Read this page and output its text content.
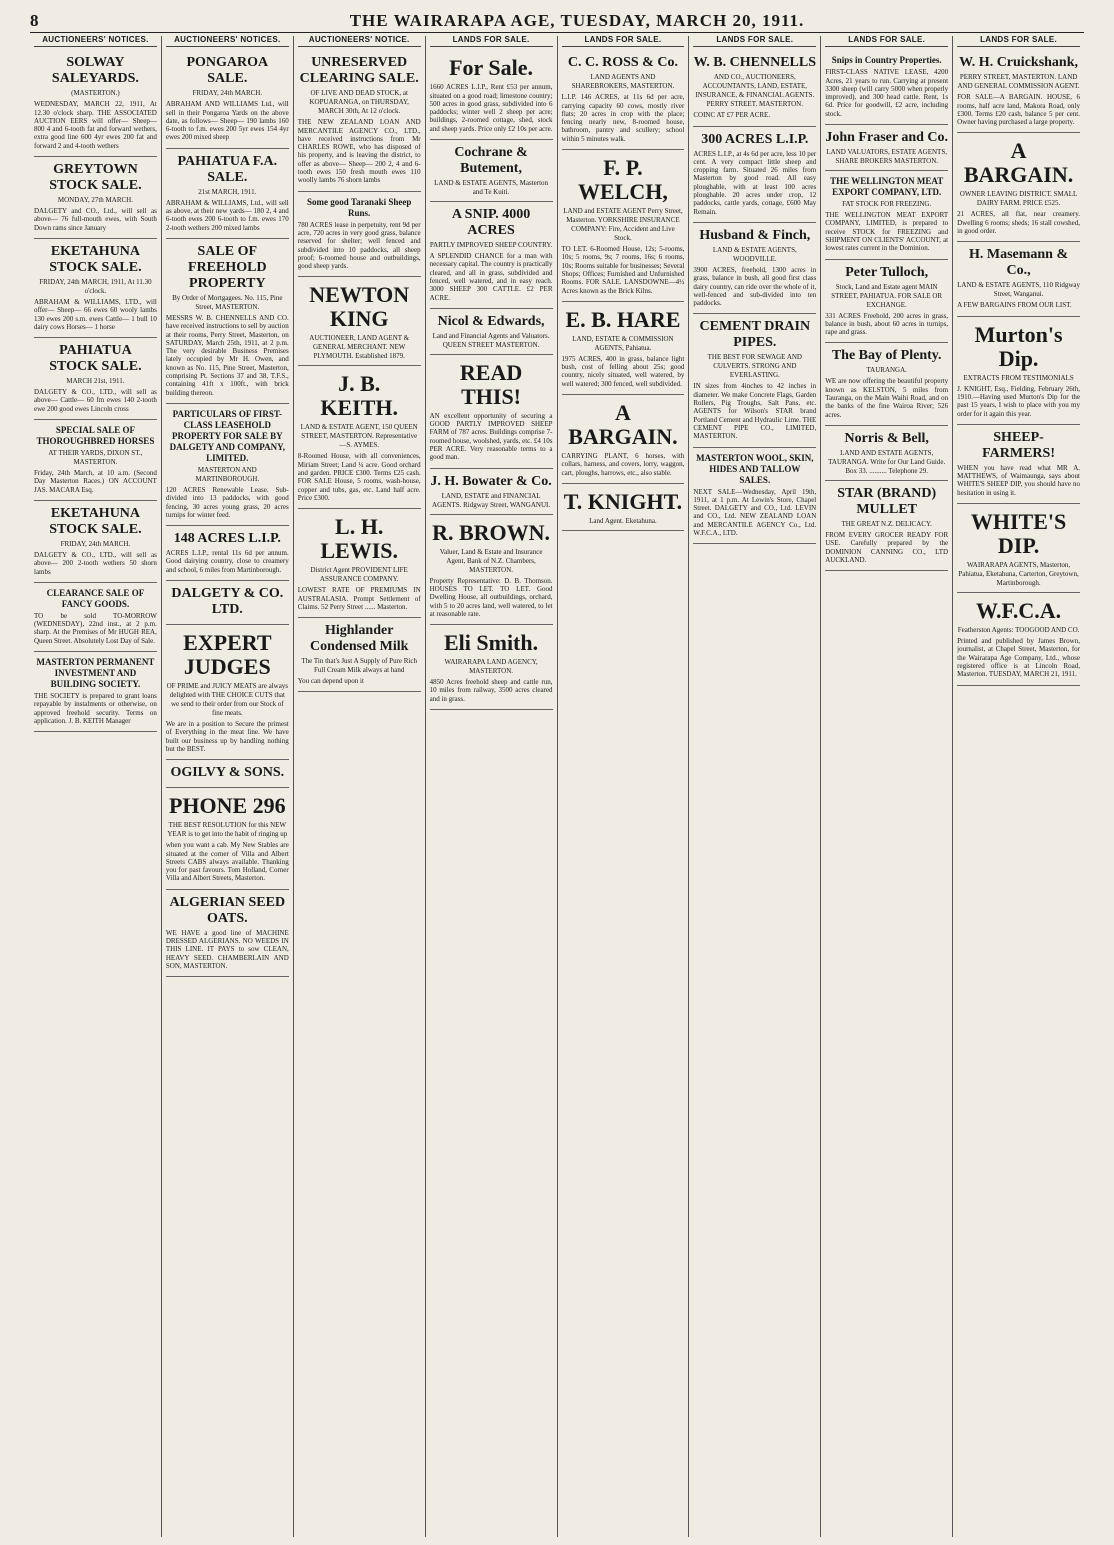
8	THE WAIRARAPA AGE, TUESDAY, MARCH 20, 1911.
AUCTIONEERS' NOTICES.
SOLWAY SALEYARDS.
(MASTERTON.)

WEDNESDAY, MARCH 22, 1911, At 12.30 o'clock sharp. THE ASSOCIATED AUCTION EERS will offer— Sheep— 800 4 and 6-tooth fat and forward wethers, extra good line 600 4yr ewes 200 fat and forward 2 and 4-tooth wethers

GREYTOWN STOCK SALE.
MONDAY, 27th MARCH.

DALGETY and CO., Ltd., will sell as above— 76 full-mouth ewes, with South Down rams since January

EKETAHUNA STOCK SALE.
FRIDAY, 24th MARCH, 1911, At 11.30 o'clock.

ABRAHAM & WILLIAMS, LTD., will offer— Sheep— 66 ewes 60 wooly lambs 130 ewes 200 s.m. ewes Cattle— 1 bull 10 dairy cows Horses— 1 horse

PAHIATUA STOCK SALE.
MARCH 21st, 1911.

DALGETY & CO., LTD., will sell as above— Cattle— 60 fm ewes 140 2-tooth ewe 200 good ewes Lincoln cross

SPECIAL SALE OF THOROUGHBRED HORSES
AT THEIR YARDS, DIXON ST., MASTERTON.

Friday, 24th March, at 10 a.m. (Second Day Masterton Races.) ON ACCOUNT JAS. MACARA Esq.

EKETAHUNA STOCK SALE.
FRIDAY, 24th MARCH.

DALGETY & CO., LTD., will sell as above— 200 2-tooth wethers 50 shorn lambs

CLEARANCE SALE OF FANCY GOODS.

TO be sold TO-MORROW (WEDNESDAY), 22nd inst., at 2 p.m. sharp. At the Premises of Mr HUGH REA, Queen Street. Absolutely Lost Day of Sale.

MASTERTON PERMANENT INVESTMENT AND BUILDING SOCIETY.

THE SOCIETY is prepared to grant loans repayable by instalments or otherwise, on approved freehold security. Terms on application. J. B. KEITH Manager

AUCTIONEERS' NOTICES.
PONGAROA SALE.
FRIDAY, 24th MARCH.

ABRAHAM AND WILLIAMS Ltd., will sell in their Pongaroa Yards on the above date, as follows— Sheep— 190 lambs 160 6-tooth to f.m. ewes 200 5yr ewes 154 4yr ewes 200 mixed sheep

PAHIATUA F.A. SALE.
21st MARCH, 1911.

ABRAHAM & WILLIAMS, Ltd., will sell as above, at their new yards— 180 2, 4 and 6-tooth ewes 200 6-tooth to f.m. ewes 170 2-tooth wethers 200 mixed lambs

SALE OF FREEHOLD PROPERTY
By Order of Mortgagees. No. 115, Pine Street, MASTERTON.

MESSRS W. B. CHENNELLS AND CO. have received instructions to sell by auction at their rooms, Perry Street, Masterton, on SATURDAY, March 25th, 1911, at 2 p.m. The very desirable Business Premises lately occupied by Mr H. Owen, and known as No. 115, Pine Street, Masterton, comprising Pt. Sections 37 and 38, T.F.S., containing 41ft x 100ft., with brick building thereon.

PARTICULARS OF FIRST-CLASS LEASEHOLD PROPERTY FOR SALE BY DALGETY AND COMPANY, LIMITED.
MASTERTON AND MARTINBOROUGH.

120 ACRES Renewable Lease. Sub-divided into 13 paddocks, with good fencing, 30 acres young grass, 20 acres turnips for winter feed.

148 ACRES L.I.P.

ACRES L.I.P., rental 11s 6d per annum. Good dairying country, close to creamery and school, 6 miles from Martinborough.

DALGETY & CO. LTD.
EXPERT JUDGES
OF PRIME and JUICY MEATS are always delighted with THE CHOICE CUTS that we send to their order from our Stock of fine meats.

We are in a position to Secure the primest of Everything in the meat line. We have built our business up by handling nothing but the BEST.

OGILVY & SONS.
PHONE 296
THE BEST RESOLUTION for this NEW YEAR is to get into the habit of ringing up

when you want a cab. My New Stables are situated at the corner of Villa and Albert Streets CABS always available. Thanking you for past favours. Tom Holland, Corner Villa and Albert Streets, Masterton.

ALGERIAN SEED OATS.

WE HAVE a good line of MACHINE DRESSED ALGERIANS. NO WEEDS IN THIS LINE. IT PAYS to sow CLEAN, HEAVY SEED. CHAMBERLAIN AND SON, MASTERTON.

AUCTIONEERS' NOTICE.
UNRESERVED CLEARING SALE.
OF LIVE AND DEAD STOCK, at KOPUARANGA, on THURSDAY, MARCH 30th, At 12 o'clock.

THE NEW ZEALAND LOAN AND MERCANTILE AGENCY CO., LTD., have received instructions from Mr CHARLES ROWE, who has disposed of his property, and is leaving the district, to offer as above— Sheep— 200 2, 4 and 6-tooth ewes 150 fresh mouth ewes 110 woolly lambs 76 shorn lambs

Some good Taranaki Sheep Runs.

780 ACRES lease in perpetuity, rent 9d per acre, 720 acres in very good grass, balance reserved for shelter; well fenced and subdivided into 10 paddocks, all sheep proof; 6-roomed house and outbuildings, good sheep yards.

NEWTON KING
AUCTIONEER, LAND AGENT & GENERAL MERCHANT. NEW PLYMOUTH. Established 1879.
J. B. KEITH.
LAND & ESTATE AGENT, 150 QUEEN STREET, MASTERTON. Representative—S. AYMES.

8-Roomed House, with all conveniences, Miriam Street; Land ¼ acre. Good orchard and garden. PRICE £300. Terms £25 cash. FOR SALE House, 5 rooms, wash-house, copper and tubs, gas, etc. Land half acre. Price £300.

L. H. LEWIS.
District Agent PROVIDENT LIFE ASSURANCE COMPANY.

LOWEST RATE OF PREMIUMS IN AUSTRALASIA. Prompt Settlement of Claims. 52 Perry Street ...... Masterton.

Highlander Condensed Milk
The Tin that's Just A Supply of Pure Rich Full Cream Milk always at hand

You can depend upon it

LANDS FOR SALE.
For Sale.

1660 ACRES L.I.P., Rent £53 per annum, situated on a good road; limestone country; 500 acres in good grass, subdivided into 6 paddocks; winter well 2 sheep per acre; buildings, 2-roomed cottage, shed, stock and sheep yards. Price only £2 10s per acre.

Cochrane & Butement,
LAND & ESTATE AGENTS, Masterton and Te Kuiti.
A SNIP. 4000 ACRES
PARTLY IMPROVED SHEEP COUNTRY.

A SPLENDID CHANCE for a man with necessary capital. The country is practically cleared, and all in grass, subdivided and fenced, well watered, and in easy reach. 3000 SHEEP 300 CATTLE. £2 PER ACRE.

Nicol & Edwards,
Land and Financial Agents and Valuators. QUEEN STREET MASTERTON.
READ THIS!

AN excellent opportunity of securing a GOOD PARTLY IMPROVED SHEEP FARM of 787 acres. Buildings comprise 7-roomed house, woolshed, yards, etc. £4 10s PER ACRE. Very reasonable terms to a good man.

J. H. Bowater & Co.
LAND, ESTATE and FINANCIAL AGENTS. Ridgway Street, WANGANUI.
R. BROWN.
Valuer, Land & Estate and Insurance Agent, Bank of N.Z. Chambers, MASTERTON.

Property Representative: D. B. Thomson. HOUSES TO LET. TO LET. Good Dwelling House, all outbuildings, orchard, with 5 to 20 acres land, well watered, to let at reasonable rate.

Eli Smith.
WAIRARAPA LAND AGENCY, MASTERTON.

4850 Acres freehold sheep and cattle run, 10 miles from railway, 3500 acres cleared and in grass.

LANDS FOR SALE.
C. C. ROSS & Co.
LAND AGENTS AND SHAREBROKERS, MASTERTON.

L.I.P. 146 ACRES, at 11s 6d per acre, carrying capacity 60 cows, mostly river flats; 20 acres in crop with the place; fencing nearly new, 8-roomed house, bathroom, pantry and scullery; school within 5 minutes walk.

F. P. WELCH,
LAND and ESTATE AGENT Perry Street, Masterton. YORKSHIRE INSURANCE COMPANY: Fire, Accident and Live Stock.

TO LET. 6-Roomed House, 12s; 5-rooms, 10s; 5 rooms, 9s; 7 rooms, 16s; 6 rooms, 10s; Rooms suitable for businesses; Several Shops; Offices; Furnished and Unfurnished Rooms. FOR SALE. LANSDOWNE—4½ Acres known as the Brick Kilns.

E. B. HARE
LAND, ESTATE & COMMISSION AGENTS, Pahiatua.

1975 ACRES, 400 in grass, balance light bush, cost of felling about 25s; good country, nicely situated, well watered, by well watered; 300 fenced, well subdivided.

A BARGAIN.

CARRYING PLANT, 6 horses, with collars, harness, and covers, lorry, waggon, cart, ploughs, harrows, etc., also stable.

T. KNIGHT.
Land Agent. Eketahuna.
LANDS FOR SALE.
W. B. CHENNELLS
AND CO., AUCTIONEERS, ACCOUNTANTS, LAND, ESTATE, INSURANCE, & FINANCIAL AGENTS. PERRY STREET. MASTERTON.

COINC AT £7 PER ACRE.

300 ACRES L.I.P.

ACRES L.I.P., at 4s 6d per acre, less 10 per cent. A very compact little sheep and cropping farm. Situated 26 miles from Masterton by good road. All easy ploughable, with at least 100 acres ploughable. 20 acres under crop, 12 paddocks, cattle yards, cottage, £600 May Remain.

Husband & Finch,
LAND & ESTATE AGENTS, WOODVILLE.

3900 ACRES, freehold, 1300 acres in grass, balance in bush, all good first class dairy country, can ride over the whole of it, well-fenced and sub-divided into ten paddocks.

CEMENT DRAIN PIPES.
THE BEST FOR SEWAGE AND CULVERTS. STRONG AND EVERLASTING.

IN sizes from 4inches to 42 inches in diameter. We make Concrete Flags, Garden Rollers, Pig Troughs, Salt Pans, etc. AGENTS for Wilson's STAR brand Portland Cement and Hydraulic Lime. THE CEMENT PIPE CO., LIMITED, MASTERTON.

MASTERTON WOOL, SKIN, HIDES AND TALLOW SALES.

NEXT SALE—Wednesday, April 19th, 1911, at 1 p.m. At Lewin's Store, Chapel Street. DALGETY and CO., Ltd. LEVIN and CO., Ltd. NEW ZEALAND LOAN and MERCANTILE AGENCY Co., Ltd. W.F.C.A., LTD.

LANDS FOR SALE.
Snips in Country Properties.

FIRST-CLASS NATIVE LEASE, 4200 Acres, 21 years to run. Carrying at present 3300 sheep (will carry 5000 when properly improved), and 300 head cattle. Rent, 1s 6d. Price for goodwill, £2 acre, including stock.

John Fraser and Co.
LAND VALUATORS, ESTATE AGENTS, SHARE BROKERS MASTERTON.
THE WELLINGTON MEAT EXPORT COMPANY, LTD.
FAT STOCK FOR FREEZING.

THE WELLINGTON MEAT EXPORT COMPANY, LIMITED, is prepared to receive STOCK for FREEZING and SHIPMENT ON CLIENTS' ACCOUNT, at lowest rates current in the Dominion.

Peter Tulloch,
Stock, Land and Estate agent MAIN STREET, PAHIATUA. FOR SALE OR EXCHANGE.

331 ACRES Freehold, 200 acres in grass, balance in bush, about 60 acres in turnips, rape and grass.

The Bay of Plenty.
TAURANGA.

WE are now offering the beautiful property known as KELSTON, 5 miles from Tauranga, on the Main Waihi Road, and on the banks of the fine Wairoa River; 526 acres.

Norris & Bell,
LAND AND ESTATE AGENTS, TAURANGA. Write for Our Land Guide. Box 33. .......... Telephone 29.
STAR (BRAND) MULLET
THE GREAT N.Z. DELICACY.

FROM EVERY GROCER READY FOR USE. Carefully prepared by the DOMINION CANNING CO., LTD AUCKLAND.

LANDS FOR SALE.
W. H. Cruickshank,
PERRY STREET, MASTERTON. LAND AND GENERAL COMMISSION AGENT.

FOR SALE—A BARGAIN. HOUSE, 6 rooms, half acre land, Makora Road, only £300. Terms £20 cash, balance 5 per cent. Owner having purchased a large property.

A BARGAIN.
OWNER LEAVING DISTRICT. SMALL DAIRY FARM. PRICE £525.

21 ACRES, all flat, near creamery. Dwelling 6 rooms; sheds; 16 stall cowshed, in good order.

H. Masemann & Co.,
LAND & ESTATE AGENTS, 110 Ridgway Street, Wanganui.

A FEW BARGAINS FROM OUR LIST.

Murton's Dip.
EXTRACTS FROM TESTIMONIALS

J. KNIGHT, Esq., Fielding, February 26th, 1910.—Having used Murton's Dip for the past 15 years, I wish to place with you my order for it again this year.

SHEEP-FARMERS!

WHEN you have read what MR A. MATTHEWS, of Waimaunga, says about WHITE'S SHEEP DIP, you should have no hesitation in using it.

WHITE'S DIP.
WAIRARAPA AGENTS, Masterton, Pahiatua, Eketahuna, Carterton, Greytown, Martinborough.
W.F.C.A.
Featherston Agents: TOOGOOD AND CO.

Printed and published by James Brown, journalist, at Chapel Street, Masterton, for the Wairarapa Age Company, Ltd., whose registered office is at Lincoln Road, Masterton. TUESDAY, MARCH 21, 1911.
